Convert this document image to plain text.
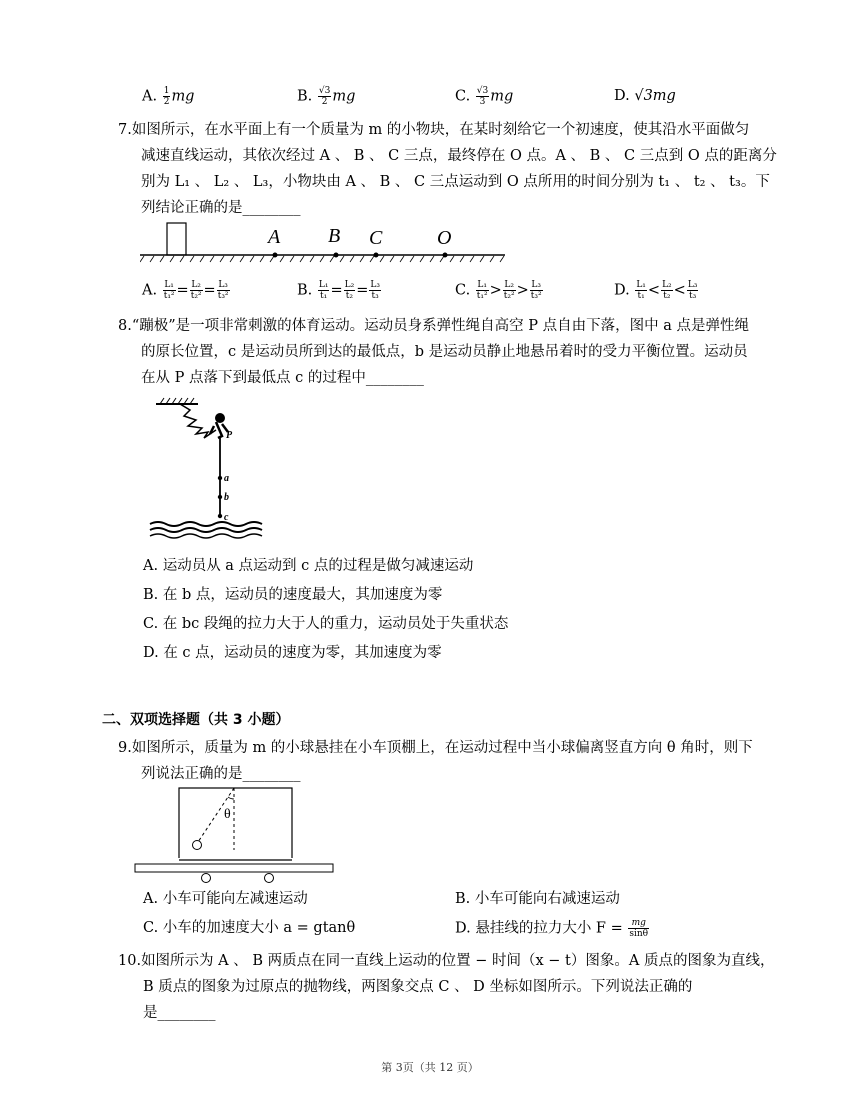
A. $\frac{1}{2}$ mg	B. $\frac{√3}{2}$ mg	C. $\frac{√3}{3}$ mg	D. √3mg
7.如图所示，在水平面上有一个质量为 m 的小物块，在某时刻给它一个初速度，使其沿水平面做匀
减速直线运动，其依次经过 A 、 B 、 C 三点，最终停在 O 点。A 、 B 、 C 三点到 O 点的距离分
别为 L₁ 、 L₂ 、 L₃，小物块由 A 、 B 、 C 三点运动到 O 点所用的时间分别为 t₁ 、 t₂ 、 t₃。下
列结论正确的是________
A B C	O
A. $\frac{\text{L₁}}{\text{t₁²}} = \frac{\text{L₂}}{\text{t₂²}} = \frac{\text{L₃}}{\text{t₃²}}$	B. $\frac{\text{L₁}}{\text{t₁}} = \frac{\text{L₂}}{\text{t₂}} = \frac{\text{L₃}}{\text{t₃}}$	C. $\frac{\text{L₁}}{\text{t₁²}} > \frac{\text{L₂}}{\text{t₂²}} > \frac{\text{L₃}}{\text{t₃²}}$	D. $\frac{\text{L₁}}{\text{t₁}} < \frac{\text{L₂}}{\text{t₂}} < \frac{\text{L₃}}{\text{t₃}}$
8.“蹦极”是一项非常刺激的体育运动。运动员身系弹性绳自高空 P 点自由下落，图中 a 点是弹性绳
的原长位置，c 是运动员所到达的最低点，b 是运动员静止地悬吊着时的受力平衡位置。运动员
在从 P 点落下到最低点 c 的过程中________
P
a
b
c
A. 运动员从 a 点运动到 c 点的过程是做匀减速运动
B. 在 b 点，运动员的速度最大，其加速度为零
C. 在 bc 段绳的拉力大于人的重力，运动员处于失重状态
D. 在 c 点，运动员的速度为零，其加速度为零
二、双项选择题（共 3 小题）
9.如图所示，质量为 m 的小球悬挂在小车顶棚上，在运动过程中当小球偏离竖直方向 θ 角时，则下
列说法正确的是________
θ
A. 小车可能向左减速运动	B. 小车可能向右减速运动
C. 小车的加速度大小 a = gtanθ	D. 悬挂线的拉力大小 $F = \frac{mg}{\sin\theta}$
10.如图所示为 A 、 B 两质点在同一直线上运动的位置 − 时间（x − t）图象。A 质点的图象为直线，
B 质点的图象为过原点的抛物线，两图象交点 C 、 D 坐标如图所示。下列说法正确的
是________
第 3页（共 12 页）
